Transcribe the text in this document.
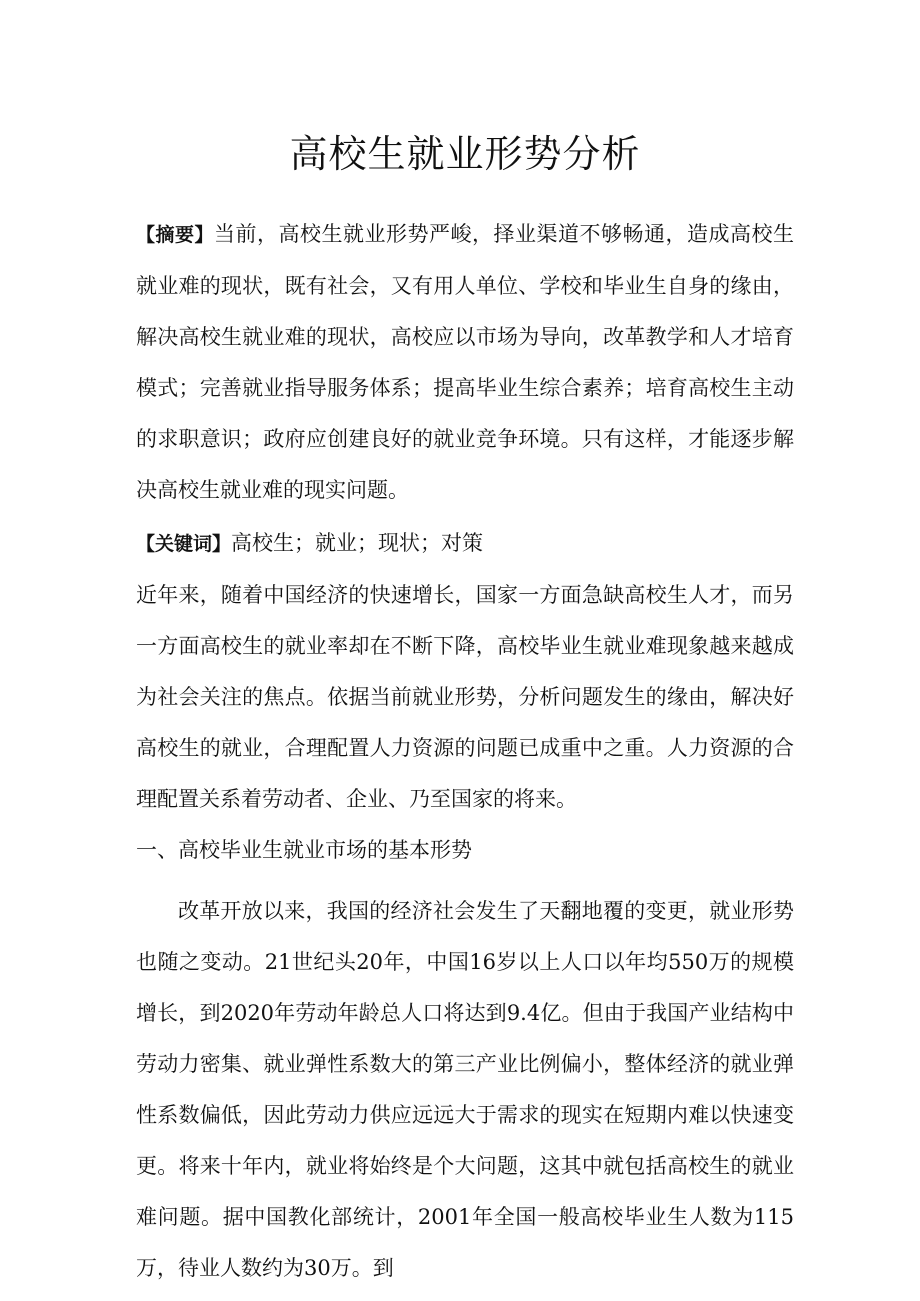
高校生就业形势分析

【摘要】当前，高校生就业形势严峻，择业渠道不够畅通，造成高校生就业难的现状，既有社会，又有用人单位、学校和毕业生自身的缘由，解决高校生就业难的现状，高校应以市场为导向，改革教学和人才培育模式；完善就业指导服务体系；提高毕业生综合素养；培育高校生主动的求职意识；政府应创建良好的就业竞争环境。只有这样，才能逐步解决高校生就业难的现实问题。

【关键词】高校生；就业；现状；对策

近年来，随着中国经济的快速增长，国家一方面急缺高校生人才，而另一方面高校生的就业率却在不断下降，高校毕业生就业难现象越来越成为社会关注的焦点。依据当前就业形势，分析问题发生的缘由，解决好高校生的就业，合理配置人力资源的问题已成重中之重。人力资源的合理配置关系着劳动者、企业、乃至国家的将来。

一、高校毕业生就业市场的基本形势

改革开放以来，我国的经济社会发生了天翻地覆的变更，就业形势也随之变动。21世纪头20年，中国16岁以上人口以年均550万的规模增长，到2020年劳动年龄总人口将达到9.4亿。但由于我国产业结构中劳动力密集、就业弹性系数大的第三产业比例偏小，整体经济的就业弹性系数偏低，因此劳动力供应远远大于需求的现实在短期内难以快速变更。将来十年内，就业将始终是个大问题，这其中就包括高校生的就业难问题。据中国教化部统计，2001年全国一般高校毕业生人数为115万，待业人数约为30万。到
